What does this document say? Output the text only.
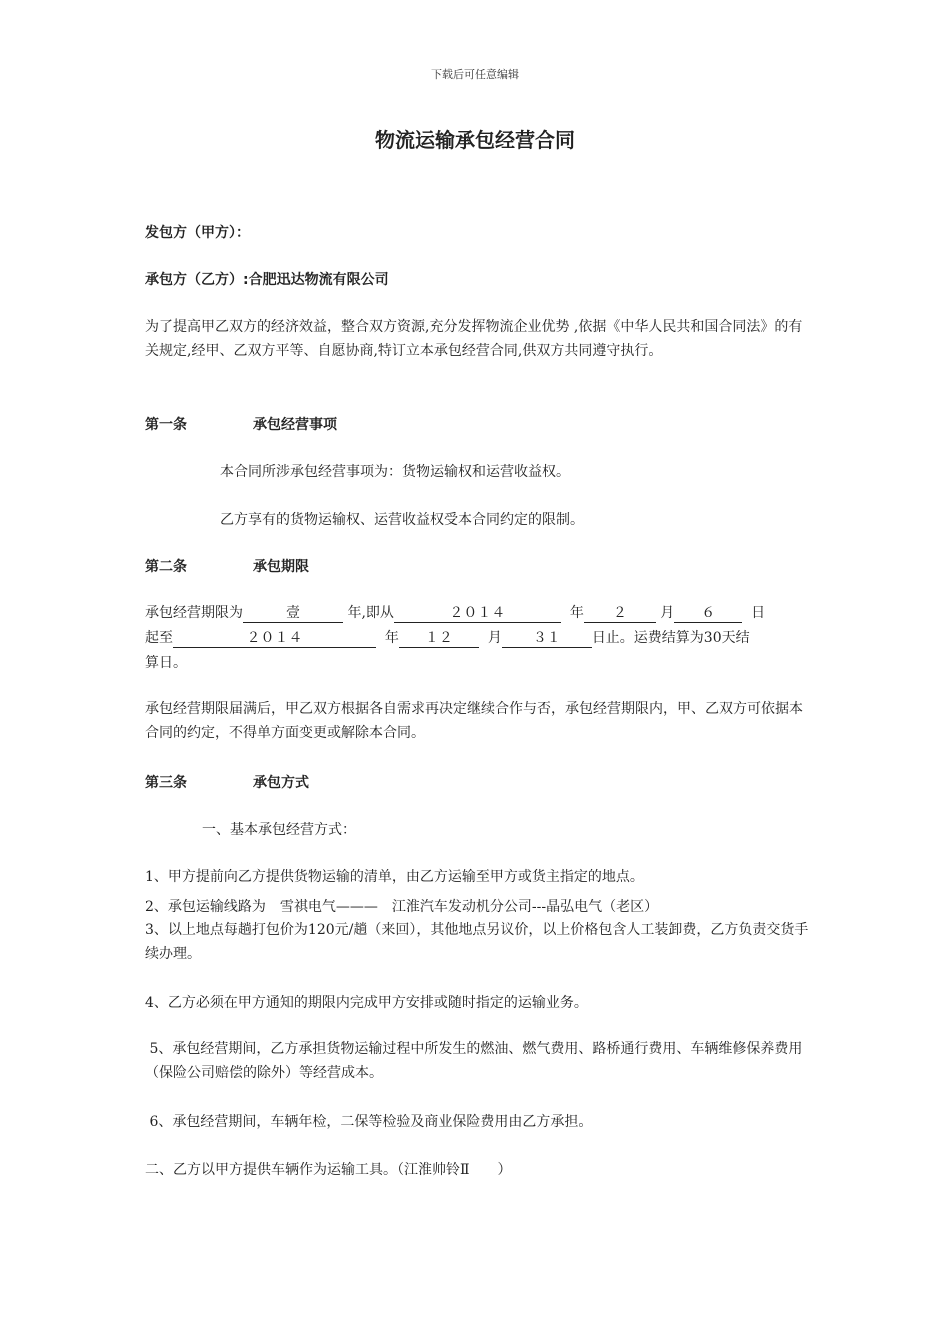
下载后可任意编辑
物流运输承包经营合同
发包方（甲方）：
承包方（乙方）:合肥迅达物流有限公司
为了提高甲乙双方的经济效益，整合双方资源,充分发挥物流企业优势 ,依据《中华人民共和国合同法》的有关规定,经甲、乙双方平等、自愿协商,特订立本承包经营合同,供双方共同遵守执行。
第一条	承包经营事项
本合同所涉承包经营事项为：货物运输权和运营收益权。
乙方享有的货物运输权、运营收益权受本合同约定的限制。
第二条	承包期限
承包经营期限为	壹	年,即从	２０１４	年 ２ 月 ６	日
起至	２０１４	年 １２ 月 ３１ 日止。运费结算为30天结
算日。
承包经营期限届满后，甲乙双方根据各自需求再决定继续合作与否，承包经营期限内，甲、乙双方可依据本合同的约定，不得单方面变更或解除本合同。
第三条	承包方式
一、基本承包经营方式：
1、甲方提前向乙方提供货物运输的清单，由乙方运输至甲方或货主指定的地点。
2、承包运输线路为　雪祺电气———　江淮汽车发动机分公司---晶弘电气（老区）
3、以上地点每趟打包价为120元/趟（来回），其他地点另议价，以上价格包含人工装卸费，乙方负责交货手续办理。
4、乙方必须在甲方通知的期限内完成甲方安排或随时指定的运输业务。
5、承包经营期间，乙方承担货物运输过程中所发生的燃油、燃气费用、路桥通行费用、车辆维修保养费用（保险公司赔偿的除外）等经营成本。
6、承包经营期间，车辆年检，二保等检验及商业保险费用由乙方承担。
二、乙方以甲方提供车辆作为运输工具。（江淮帅铃Ⅱ　　）
